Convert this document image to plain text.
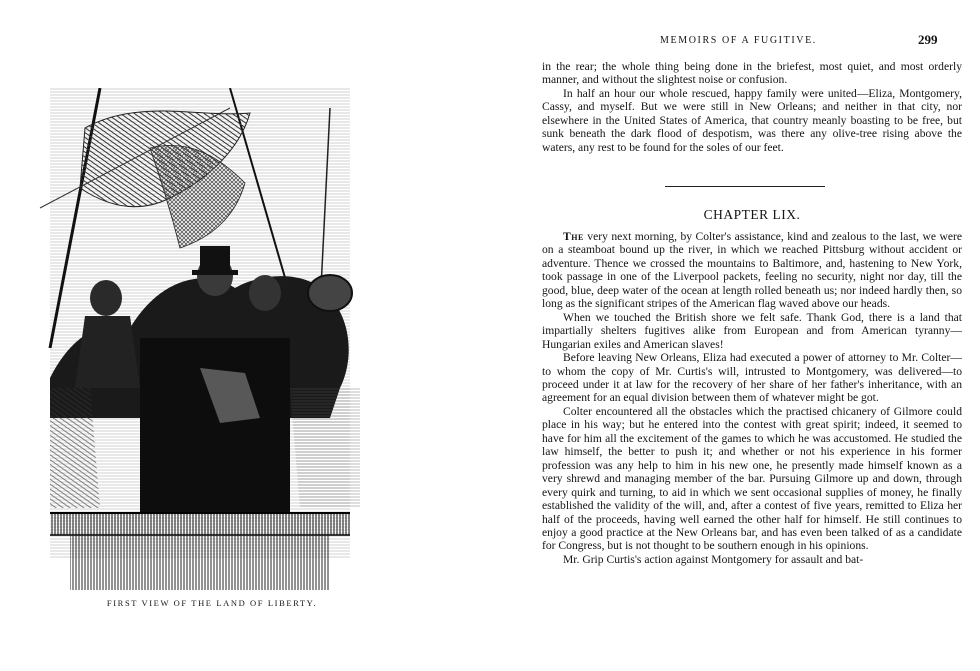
FIRST VIEW OF THE LAND OF LIBERTY.
MEMOIRS OF A FUGITIVE.	299

in the rear; the whole thing being done in the briefest, most quiet, and most orderly manner, and without the slightest noise or confusion.

In half an hour our whole rescued, happy family were united—Eliza, Montgomery, Cassy, and myself. But we were still in New Orleans; and neither in that city, nor elsewhere in the United States of America, that country meanly boasting to be free, but sunk beneath the dark flood of despotism, was there any olive-tree rising above the waters, any rest to be found for the soles of our feet.

CHAPTER LIX.

The very next morning, by Colter's assistance, kind and zealous to the last, we were on a steamboat bound up the river, in which we reached Pittsburg without accident or adventure. Thence we crossed the mountains to Baltimore, and, hastening to New York, took passage in one of the Liverpool packets, feeling no security, night nor day, till the good, blue, deep water of the ocean at length rolled beneath us; nor indeed hardly then, so long as the significant stripes of the American flag waved above our heads.

When we touched the British shore we felt safe. Thank God, there is a land that impartially shelters fugitives alike from European and from American tyranny—Hungarian exiles and American slaves!

Before leaving New Orleans, Eliza had executed a power of attorney to Mr. Colter—to whom the copy of Mr. Curtis's will, intrusted to Montgomery, was delivered—to proceed under it at law for the recovery of her share of her father's inheritance, with an agreement for an equal division between them of whatever might be got.

Colter encountered all the obstacles which the practised chicanery of Gilmore could place in his way; but he entered into the contest with great spirit; indeed, it seemed to have for him all the excitement of the games to which he was accustomed. He studied the law himself, the better to push it; and whether or not his experience in his former profession was any help to him in his new one, he presently made himself known as a very shrewd and managing member of the bar. Pursuing Gilmore up and down, through every quirk and turning, to aid in which we sent occasional supplies of money, he finally established the validity of the will, and, after a contest of five years, remitted to Eliza her half of the proceeds, having well earned the other half for himself. He still continues to enjoy a good practice at the New Orleans bar, and has even been talked of as a candidate for Congress, but is not thought to be southern enough in his opinions.

Mr. Grip Curtis's action against Montgomery for assault and bat-
